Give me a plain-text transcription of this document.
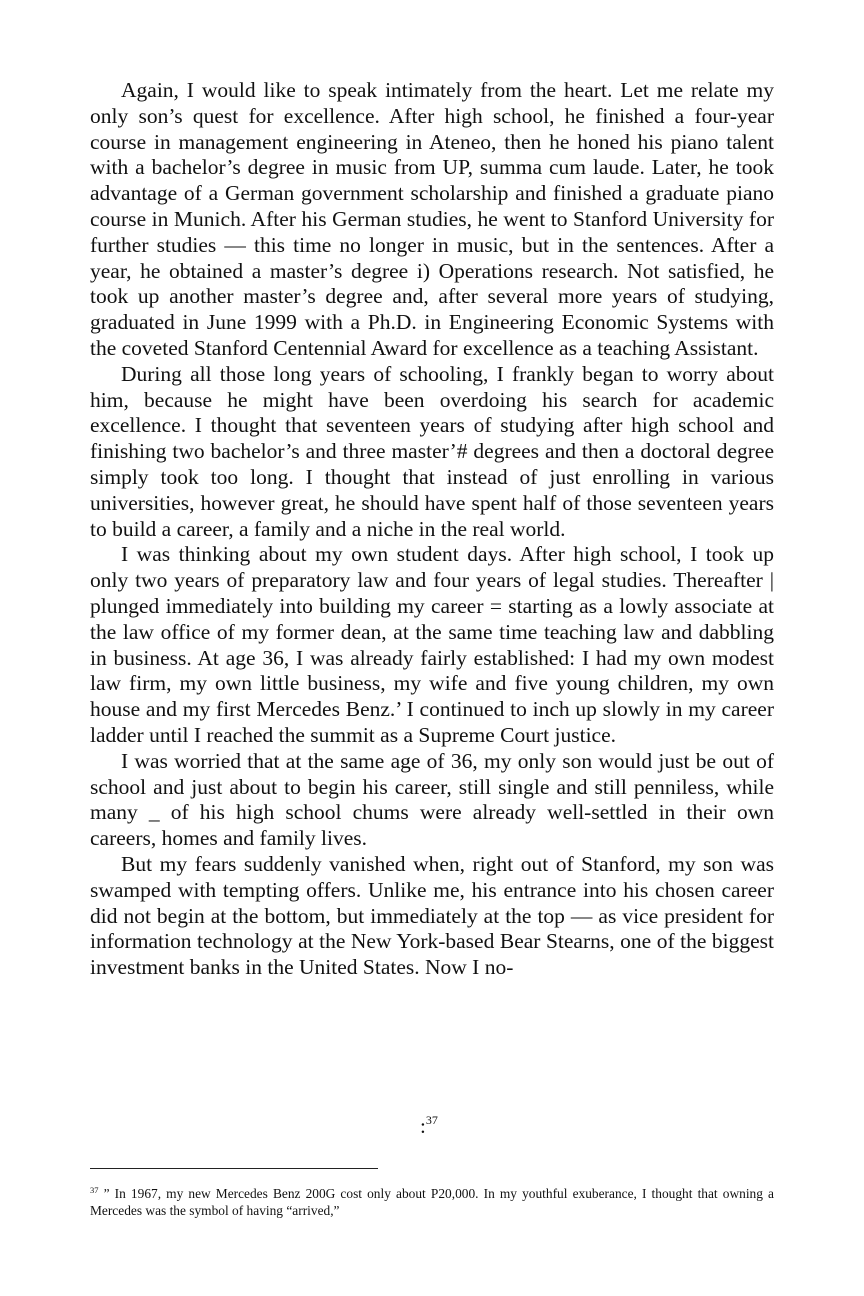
Again, I would like to speak intimately from the heart. Let me relate my only son’s quest for excellence. After high school, he finished a four-year course in management engineering in Ateneo, then he honed his piano talent with a bachelor’s degree in music from UP, summa cum laude. Later, he took advantage of a German government scholarship and finished a graduate piano course in Munich. After his German studies, he went to Stanford University for further studies — this time no longer in music, but in the sentences. After a year, he obtained a master’s degree i) Operations research. Not satisfied, he took up another master’s degree and, after several more years of studying, graduated in June 1999 with a Ph.D. in Engineering Economic Systems with the coveted Stanford Centennial Award for excellence as a teaching Assistant.

During all those long years of schooling, I frankly began to worry about him, because he might have been overdoing his search for academic excellence. I thought that seventeen years of studying after high school and finishing two bachelor’s and three master’# degrees and then a doctoral degree simply took too long. I thought that instead of just enrolling in various universities, however great, he should have spent half of those seventeen years to build a career, a family and a niche in the real world.

I was thinking about my own student days. After high school, I took up only two years of preparatory law and four years of legal studies. Thereafter | plunged immediately into building my career = starting as a lowly associate at the law office of my former dean, at the same time teaching law and dabbling in business. At age 36, I was already fairly established: I had my own modest law firm, my own little business, my wife and five young children, my own house and my first Mercedes Benz.’ I continued to inch up slowly in my career ladder until I reached the summit as a Supreme Court justice.

I was worried that at the same age of 36, my only son would just be out of school and just about to begin his career, still single and still penniless, while many _ of his high school chums were already well-settled in their own careers, homes and family lives.

But my fears suddenly vanished when, right out of Stanford, my son was swamped with tempting offers. Unlike me, his entrance into his chosen career did not begin at the bottom, but immediately at the top — as vice president for information technology at the New York-based Bear Stearns, one of the biggest investment banks in the United States. Now I no-

:$^{37}$
$^{37}$ ” In 1967, my new Mercedes Benz 200G cost only about P20,000. In my youthful exuberance, I thought that owning a Mercedes was the symbol of having “arrived,”
